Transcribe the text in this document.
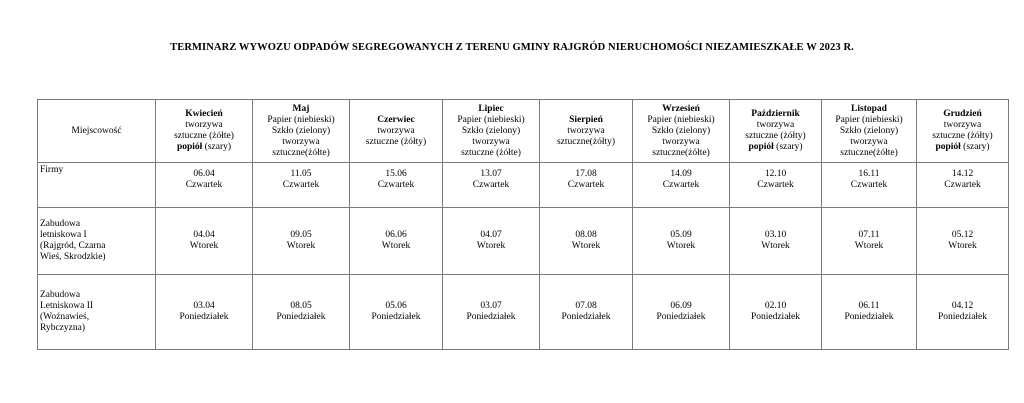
TERMINARZ WYWOZU ODPADÓW SEGREGOWANYCH Z TERENU GMINY RAJGRÓD NIERUCHOMOŚCI NIEZAMIESZKAŁE W 2023 R.
Miejscowość	Kwiecień
tworzywa
sztuczne (żółte)
popiół (szary)	Maj
Papier (niebieski)
Szkło (zielony)
tworzywa
sztuczne(żółte)	Czerwiec
tworzywa
sztuczne (żółty)	Lipiec
Papier (niebieski)
Szkło (zielony)
tworzywa
sztuczne (żółte)	Sierpień
tworzywa
sztuczne(żółty)	Wrzesień
Papier (niebieski)
Szkło (zielony)
tworzywa
sztuczne(żółte)	Październik
tworzywa
sztuczne (żółty)
popiół (szary)	Listopad
Papier (niebieski)
Szkło (zielony)
tworzywa
sztuczne(żółte)	Grudzień
tworzywa
sztuczne (żółty)
popiół (szary)

Firmy	06.04
Czwartek	11.05
Czwartek	15.06
Czwartek	13.07
Czwartek	17.08
Czwartek	14.09
Czwartek	12.10
Czwartek	16.11
Czwartek	14.12
Czwartek

Zabudowa
letniskowa I
(Rajgród, Czarna
Wieś, Skrodzkie)	04.04
Wtorek	09.05
Wtorek	06.06
Wtorek	04.07
Wtorek	08.08
Wtorek	05.09
Wtorek	03.10
Wtorek	07.11
Wtorek	05.12
Wtorek

Zabudowa
Letniskowa II
(Woźnawieś,
Rybczyzna)	03.04
Poniedziałek	08.05
Poniedziałek	05.06
Poniedziałek	03.07
Poniedziałek	07.08
Poniedziałek	06.09
Poniedziałek	02.10
Poniedziałek	06.11
Poniedziałek	04.12
Poniedziałek
